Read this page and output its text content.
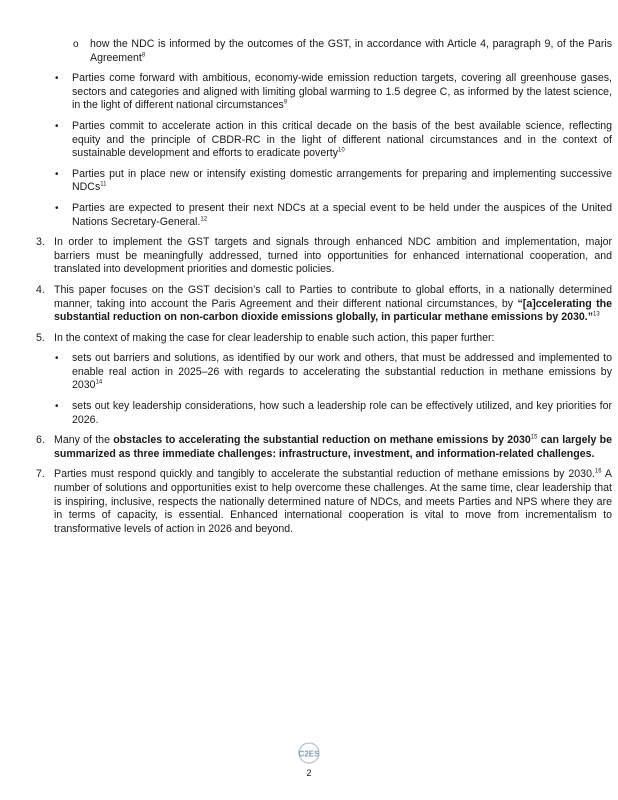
o how the NDC is informed by the outcomes of the GST, in accordance with Article 4, paragraph 9, of the Paris Agreement$^8$
• Parties come forward with ambitious, economy-wide emission reduction targets, covering all greenhouse gases, sectors and categories and aligned with limiting global warming to 1.5 degree C, as informed by the latest science, in the light of different national circumstances$^9$
• Parties commit to accelerate action in this critical decade on the basis of the best available science, reflecting equity and the principle of CBDR-RC in the light of different national circumstances and in the context of sustainable development and efforts to eradicate poverty$^{10}$
• Parties put in place new or intensify existing domestic arrangements for preparing and implementing successive NDCs$^{11}$
• Parties are expected to present their next NDCs at a special event to be held under the auspices of the United Nations Secretary-General.$^{12}$
3. In order to implement the GST targets and signals through enhanced NDC ambition and implementation, major barriers must be meaningfully addressed, turned into opportunities for enhanced international cooperation, and translated into development priorities and domestic policies.
4. This paper focuses on the GST decision’s call to Parties to contribute to global efforts, in a nationally determined manner, taking into account the Paris Agreement and their different national circumstances, by “[a]ccelerating the substantial reduction on non-carbon dioxide emissions globally, in particular methane emissions by 2030.”$^{13}$
5. In the context of making the case for clear leadership to enable such action, this paper further:
• sets out barriers and solutions, as identified by our work and others, that must be addressed and implemented to enable real action in 2025–26 with regards to accelerating the substantial reduction in methane emissions by 2030$^{14}$
• sets out key leadership considerations, how such a leadership role can be effectively utilized, and key priorities for 2026.
6. Many of the obstacles to accelerating the substantial reduction on methane emissions by 2030$^{15}$ can largely be summarized as three immediate challenges: infrastructure, investment, and information-related challenges.
7. Parties must respond quickly and tangibly to accelerate the substantial reduction of methane emissions by 2030.16 A number of solutions and opportunities exist to help overcome these challenges. At the same time, clear leadership that is inspiring, inclusive, respects the nationally determined nature of NDCs, and meets Parties and NPS where they are in terms of capacity, is essential. Enhanced international cooperation is vital to move from incrementalism to transformative levels of action in 2026 and beyond.
C2ES
2
